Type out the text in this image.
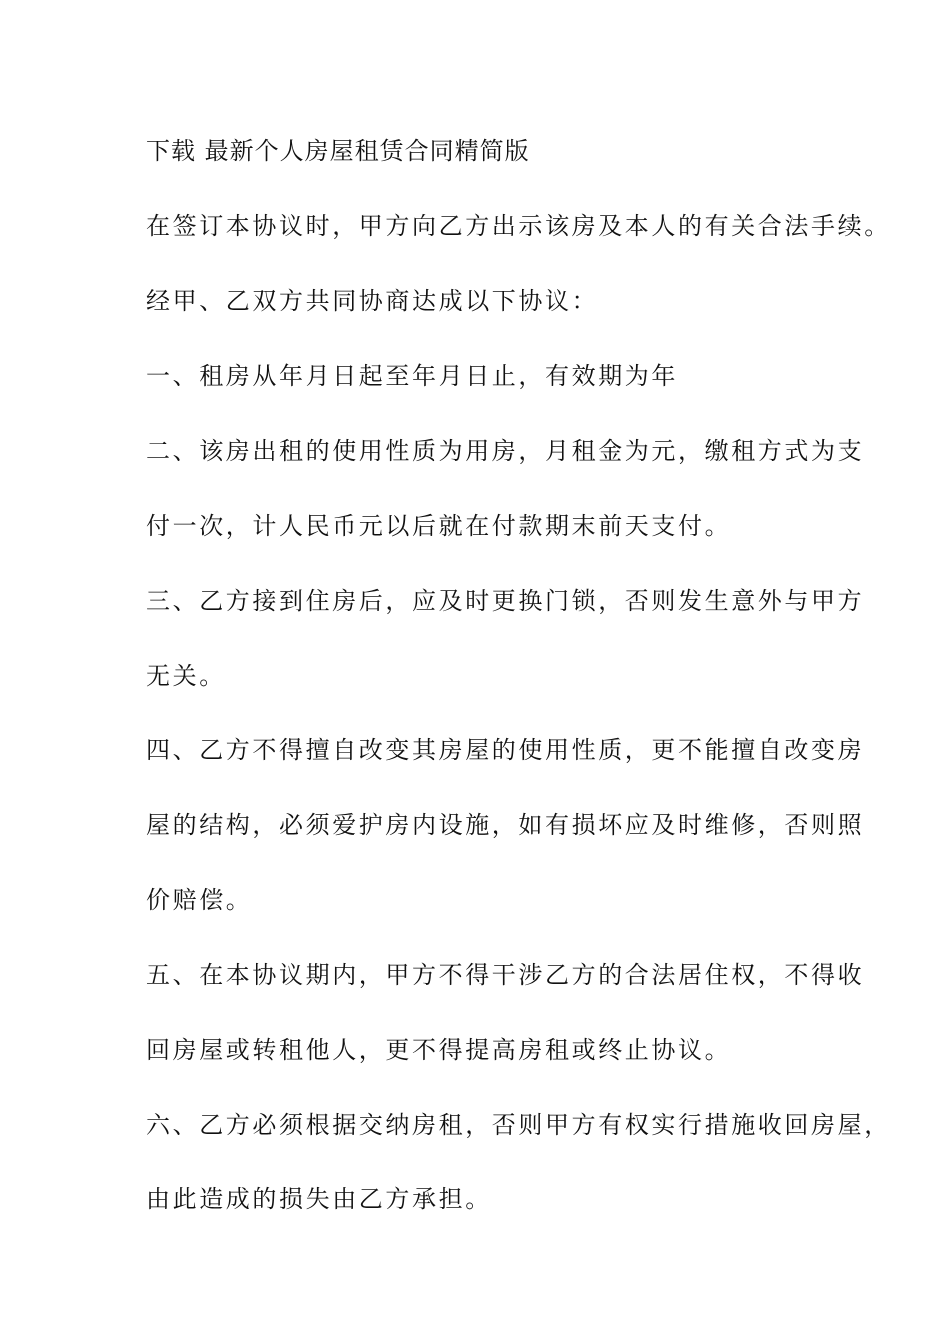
下载 最新个人房屋租赁合同精简版
在签订本协议时，甲方向乙方出示该房及本人的有关合法手续。
经甲、乙双方共同协商达成以下协议：
一、租房从年月日起至年月日止，有效期为年
二、该房出租的使用性质为用房，月租金为元，缴租方式为支
付一次，计人民币元以后就在付款期末前天支付。
三、乙方接到住房后，应及时更换门锁，否则发生意外与甲方
无关。
四、乙方不得擅自改变其房屋的使用性质，更不能擅自改变房
屋的结构，必须爱护房内设施，如有损坏应及时维修，否则照
价赔偿。
五、在本协议期内，甲方不得干涉乙方的合法居住权，不得收
回房屋或转租他人，更不得提高房租或终止协议。
六、乙方必须根据交纳房租，否则甲方有权实行措施收回房屋，
由此造成的损失由乙方承担。
